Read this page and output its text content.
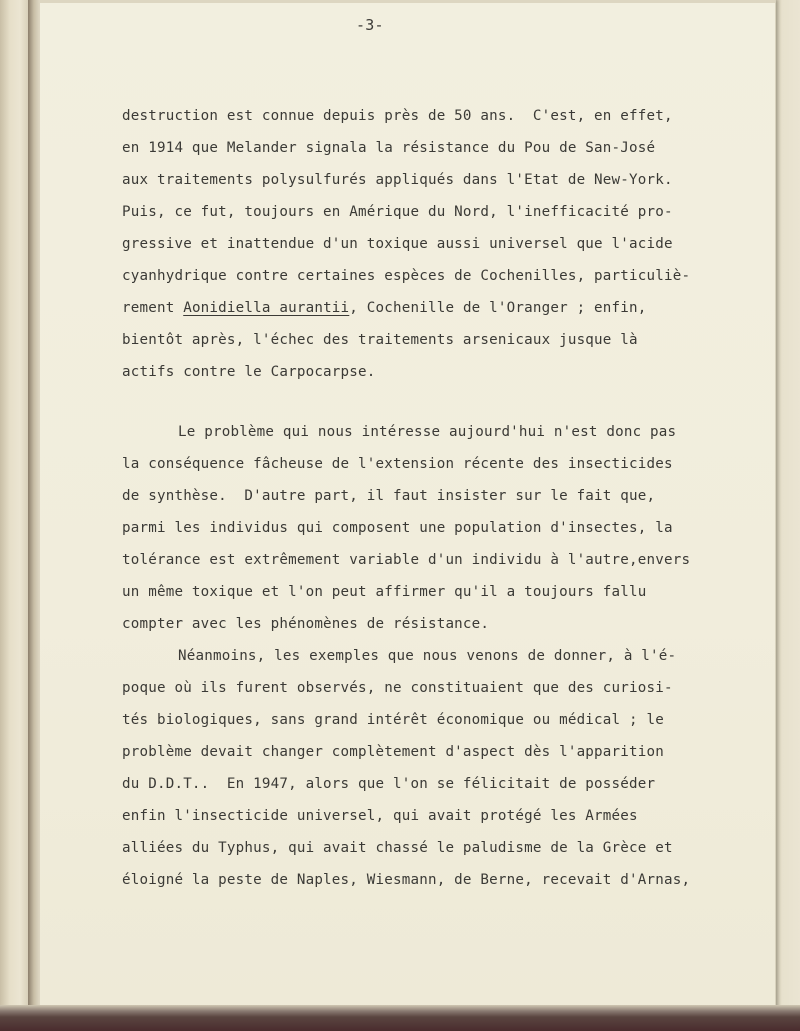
-3-
destruction est connue depuis près de 50 ans.  C'est, en effet,
en 1914 que Melander signala la résistance du Pou de San-José
aux traitements polysulfurés appliqués dans l'Etat de New-York.
Puis, ce fut, toujours en Amérique du Nord, l'inefficacité pro-
gressive et inattendue d'un toxique aussi universel que l'acide
cyanhydrique contre certaines espèces de Cochenilles, particuliè-
rement Aonidiella aurantii, Cochenille de l'Oranger ; enfin,
bientôt après, l'échec des traitements arsenicaux jusque là
actifs contre le Carpocarpse.
Le problème qui nous intéresse aujourd'hui n'est donc pas
la conséquence fâcheuse de l'extension récente des insecticides
de synthèse.  D'autre part, il faut insister sur le fait que,
parmi les individus qui composent une population d'insectes, la
tolérance est extrêmement variable d'un individu à l'autre,envers
un même toxique et l'on peut affirmer qu'il a toujours fallu
compter avec les phénomènes de résistance.
Néanmoins, les exemples que nous venons de donner, à l'é-
poque où ils furent observés, ne constituaient que des curiosi-
tés biologiques, sans grand intérêt économique ou médical ; le
problème devait changer complètement d'aspect dès l'apparition
du D.D.T..  En 1947, alors que l'on se félicitait de posséder
enfin l'insecticide universel, qui avait protégé les Armées
alliées du Typhus, qui avait chassé le paludisme de la Grèce et
éloigné la peste de Naples, Wiesmann, de Berne, recevait d'Arnas,
